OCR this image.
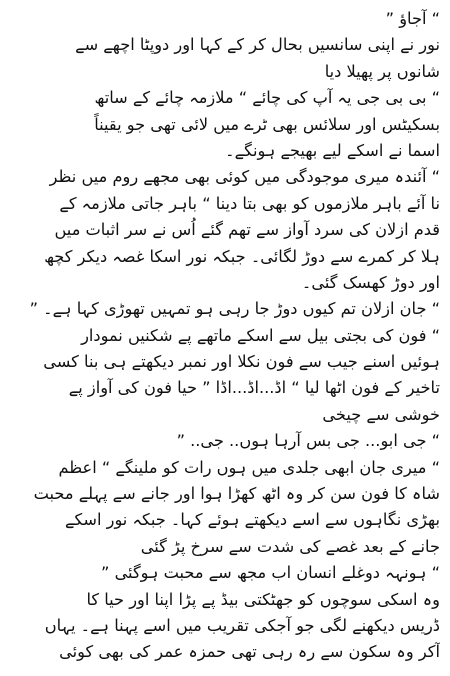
“ آجاؤ ”
نور نے اپنی سانسیں بحال کر کے کہا اور دوپٹا اچھے سے
شانوں پر پھیلا دیا
“ بی بی جی یہ آپ کی چائے “ ملازمہ چائے کے ساتھ
بسکیٹس اور سلائس بھی ٹرے میں لائی تھی جو یقیناً
اسما نے اسکے لیے بھیجے ہونگے۔
“ آئندہ میری موجودگی میں کوئی بھی مجھے روم میں نظر
نا آئے باہر ملازموں کو بھی بتا دینا “ باہر جاتی ملازمہ کے
قدم ازلان کی سرد آواز سے تھم گئے اُس نے سر اثبات میں
ہلا کر کمرے سے دوڑ لگائی۔ جبکہ نور اسکا غصہ دیکر کچھ
اور دوڑ کھسک گئی۔
“ جان ازلان تم کیوں دوڑ جا رہی ہو تمہیں تھوڑی کہا ہے۔ ”
“ فون کی بجتی بیل سے اسکے ماتھے پے شکنیں نمودار
ہوئیں اسنے جیب سے فون نکلا اور نمبر دیکھتے ہی بنا کسی
تاخیر کے فون اٹھا لیا “ اڈ...اڈ...اڈا ” حیا فون کی آواز پے
خوشی سے چیخی
“ جی ابو... جی بس آرہا ہوں.. جی.. ”
“ میری جان ابھی جلدی میں ہوں رات کو ملینگے “ اعظم
شاہ کا فون سن کر وہ اٹھ کھڑا ہوا اور جانے سے پہلے محبت
بھڑی نگاہوں سے اسے دیکھتے ہوئے کہا۔ جبکہ نور اسکے
جانے کے بعد غصے کی شدت سے سرخ پڑ گئی
“ ہونہہ دوغلے انسان اب مجھ سے محبت ہوگئی ”
وہ اسکی سوچوں کو جھٹکتی بیڈ پے پڑا اپنا اور حیا کا
ڈریس دیکھنے لگی جو آجکی تقریب میں اسے پہنا ہے۔ یہاں
آکر وہ سکون سے رہ رہی تھی حمزہ عمر کی بھی کوئی
